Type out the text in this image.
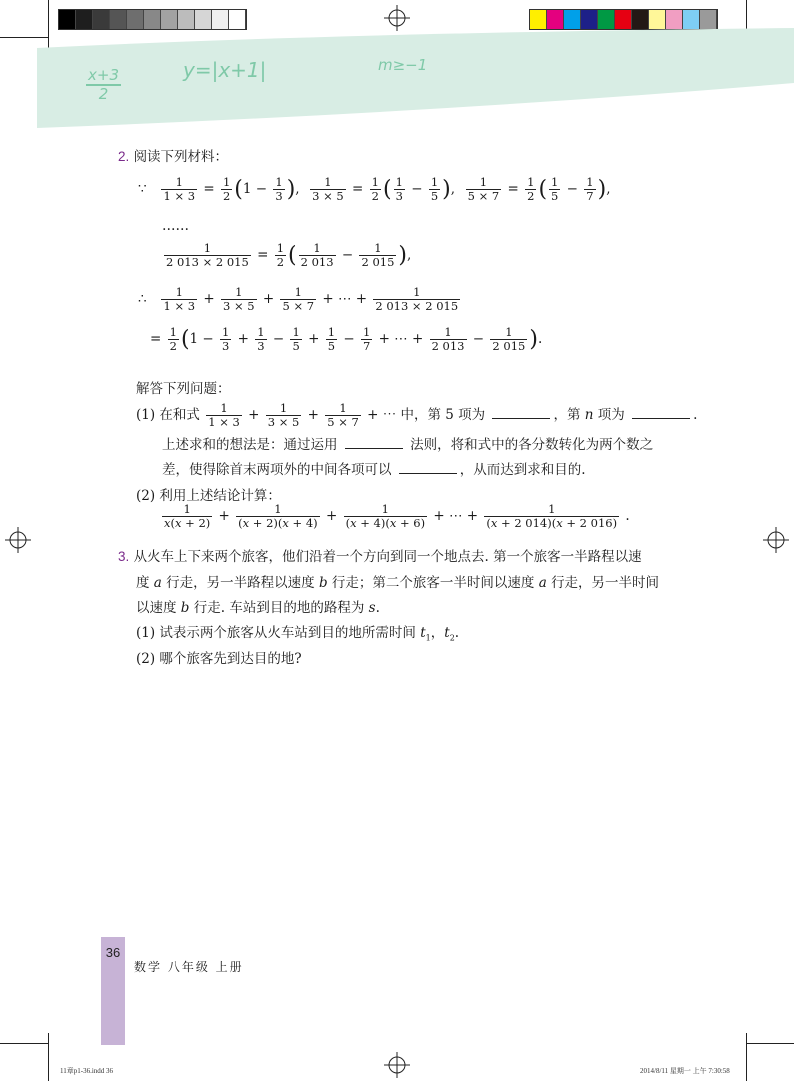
x+3
2
y=|x+1|	m≥−1
2. 阅读下列材料：
∵ $\frac{1}{1 \times 3} = \frac{1}{2} (1 - \frac{1}{3}$ ), $\frac{1}{3 \times 5} = \frac{1}{2}$ ( $\frac{1}{3} - \frac{1}{5}$ ), $\frac{1}{5 \times 7} = \frac{1}{2}$ ( $\frac{1}{5} - \frac{1}{7}$ ),
……
$\frac{1}{2 013 \times 2 015} = \frac{1}{2}$ ( $\frac{1}{2 013} - \frac{1}{2 015}$ ),
∴ $\frac{1}{1 \times 3} + \frac{1}{3 \times 5} + \frac{1}{5 \times 7}$ + ⋯ + $\frac{1}{2 013 \times 2 015}$
= $\frac{1}{2} (1 - \frac{1}{3} + \frac{1}{3} - \frac{1}{5} + \frac{1}{5} - \frac{1}{7}$ + ⋯ + $\frac{1}{2 013} - \frac{1}{2 015}$ ).
解答下列问题：
(1) 在和式 $\frac{1}{1 \times 3} + \frac{1}{3 \times 5} + \frac{1}{5 \times 7}$ + ⋯ 中，第 5 项为	，第 n 项为	.
上述求和的想法是：通过运用	法则，将和式中的各分数转化为两个数之
差，使得除首末两项外的中间各项可以	，从而达到求和目的.
(2) 利用上述结论计算：
$\frac{1}{x(x + 2)} + \frac{1}{(x + 2)(x + 4)} + \frac{1}{(x + 4)(x + 6)}$ + ⋯ + $\frac{1}{(x + 2 014)(x + 2 016)}$ .
3. 从火车上下来两个旅客，他们沿着一个方向到同一个地点去. 第一个旅客一半路程以速
度 a 行走，另一半路程以速度 b 行走；第二个旅客一半时间以速度 a 行走，另一半时间
以速度 b 行走. 车站到目的地的路程为 s.
(1) 试表示两个旅客从火车站到目的地所需时间 $t_1$，$t_2$.
(2) 哪个旅客先到达目的地?
36
数学 八年级 上册
11章p1-36.indd 36	2014/8/11 星期一 上午 7:30:58
